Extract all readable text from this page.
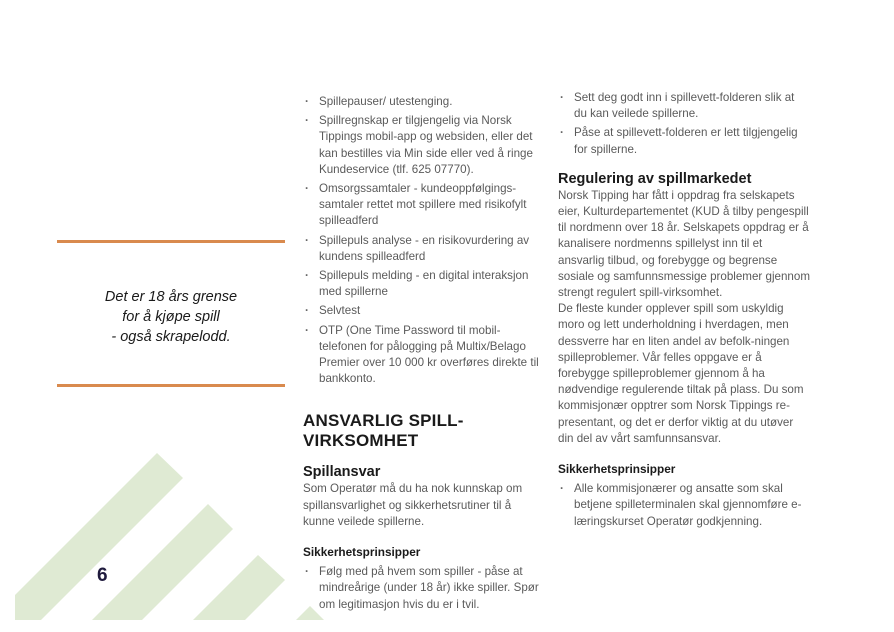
Det er 18 års grense
for å kjøpe spill
- også skrapelodd.
6
· Spillepauser/ utestenging.
· Spillregnskap er tilgjengelig via Norsk Tippings mobil-app og websiden, eller det kan bestilles via Min side eller ved å ringe Kundeservice (tlf. 625 07770).
· Omsorgssamtaler - kundeoppfølgings-samtaler rettet mot spillere med risikofylt spilleadferd
· Spillepuls analyse - en risikovurdering av kundens spilleadferd
· Spillepuls melding - en digital interaksjon med spillerne
· Selvtest
· OTP (One Time Password til mobil- telefonen for pålogging på Multix/Belago Premier over 10 000 kr overføres direkte til bankkonto.
ANSVARLIG SPILL-
VIRKSOMHET
Spillansvar

Som Operatør må du ha nok kunnskap om spillansvarlighet og sikkerhetsrutiner til å kunne veilede spillerne.

Sikkerhetsprinsipper
· Følg med på hvem som spiller - påse at mindreårige (under 18 år) ikke spiller. Spør om legitimasjon hvis du er i tvil.
· Sett deg godt inn i spillevett-folderen slik at du kan veilede spillerne.
· Påse at spillevett-folderen er lett tilgjengelig for spillerne.
Regulering av spillmarkedet

Norsk Tipping har fått i oppdrag fra selskapets eier, Kulturdepartementet (KUD å tilby pengespill til nordmenn over 18 år. Selskapets oppdrag er å kanalisere nordmenns spillelyst inn til et ansvarlig tilbud, og forebygge og begrense sosiale og samfunnsmessige problemer gjennom strengt regulert spill-virksomhet.

De fleste kunder opplever spill som uskyldig moro og lett underholdning i hverdagen, men dessverre har en liten andel av befolk-ningen spilleproblemer. Vår felles oppgave er å forebygge spilleproblemer gjennom å ha nødvendige regulerende tiltak på plass. Du som kommisjonær opptrer som Norsk Tippings re-presentant, og det er derfor viktig at du utøver din del av vårt samfunnsansvar.

Sikkerhetsprinsipper
· Alle kommisjonærer og ansatte som skal betjene spilleterminalen skal gjennomføre e-læringskurset Operatør godkjenning.
